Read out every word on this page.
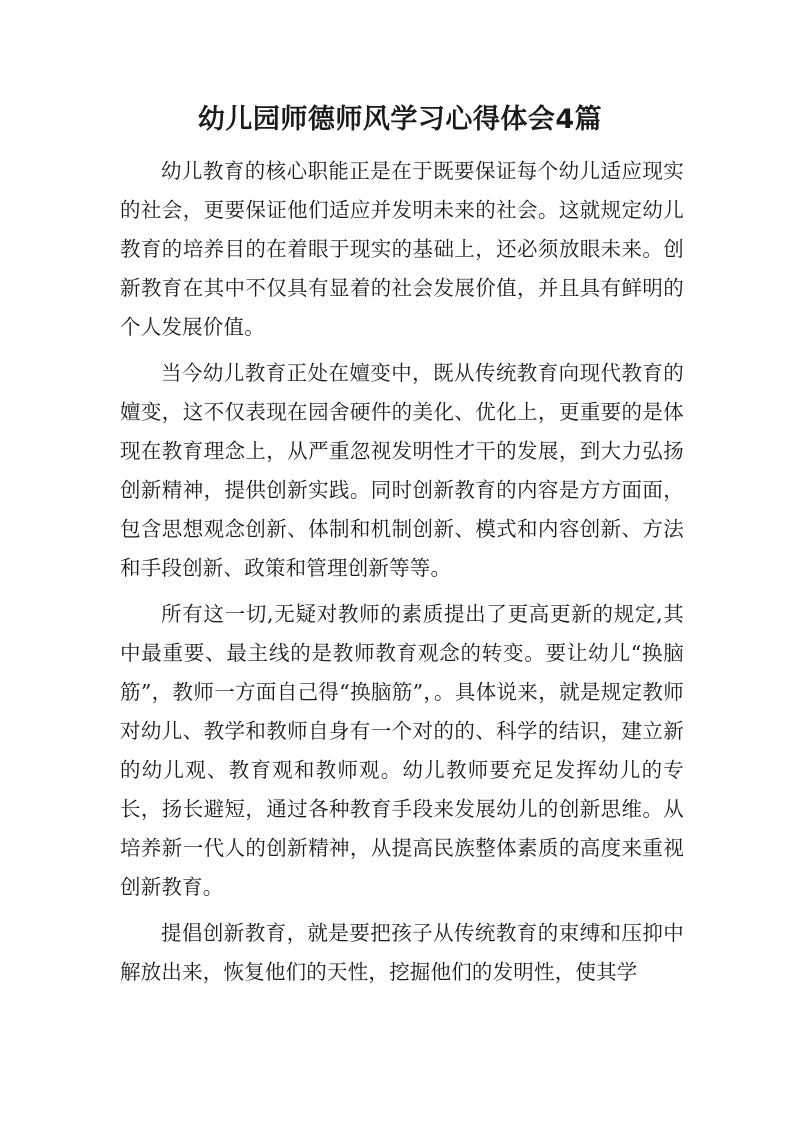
幼儿园师德师风学习心得体会4篇

幼儿教育的核心职能正是在于既要保证每个幼儿适应现实的社会，更要保证他们适应并发明未来的社会。这就规定幼儿教育的培养目的在着眼于现实的基础上，还必须放眼未来。创新教育在其中不仅具有显着的社会发展价值，并且具有鲜明的个人发展价值。

当今幼儿教育正处在嬗变中，既从传统教育向现代教育的嬗变，这不仅表现在园舍硬件的美化、优化上，更重要的是体现在教育理念上，从严重忽视发明性才干的发展，到大力弘扬创新精神，提供创新实践。同时创新教育的内容是方方面面，包含思想观念创新、体制和机制创新、模式和内容创新、方法和手段创新、政策和管理创新等等。

所有这一切,无疑对教师的素质提出了更高更新的规定,其中最重要、最主线的是教师教育观念的转变。要让幼儿“换脑筋”，教师一方面自己得“换脑筋”，。具体说来，就是规定教师对幼儿、教学和教师自身有一个对的的、科学的结识，建立新的幼儿观、教育观和教师观。幼儿教师要充足发挥幼儿的专长，扬长避短，通过各种教育手段来发展幼儿的创新思维。从培养新一代人的创新精神，从提高民族整体素质的高度来重视创新教育。

提倡创新教育，就是要把孩子从传统教育的束缚和压抑中解放出来，恢复他们的天性，挖掘他们的发明性，使其学
